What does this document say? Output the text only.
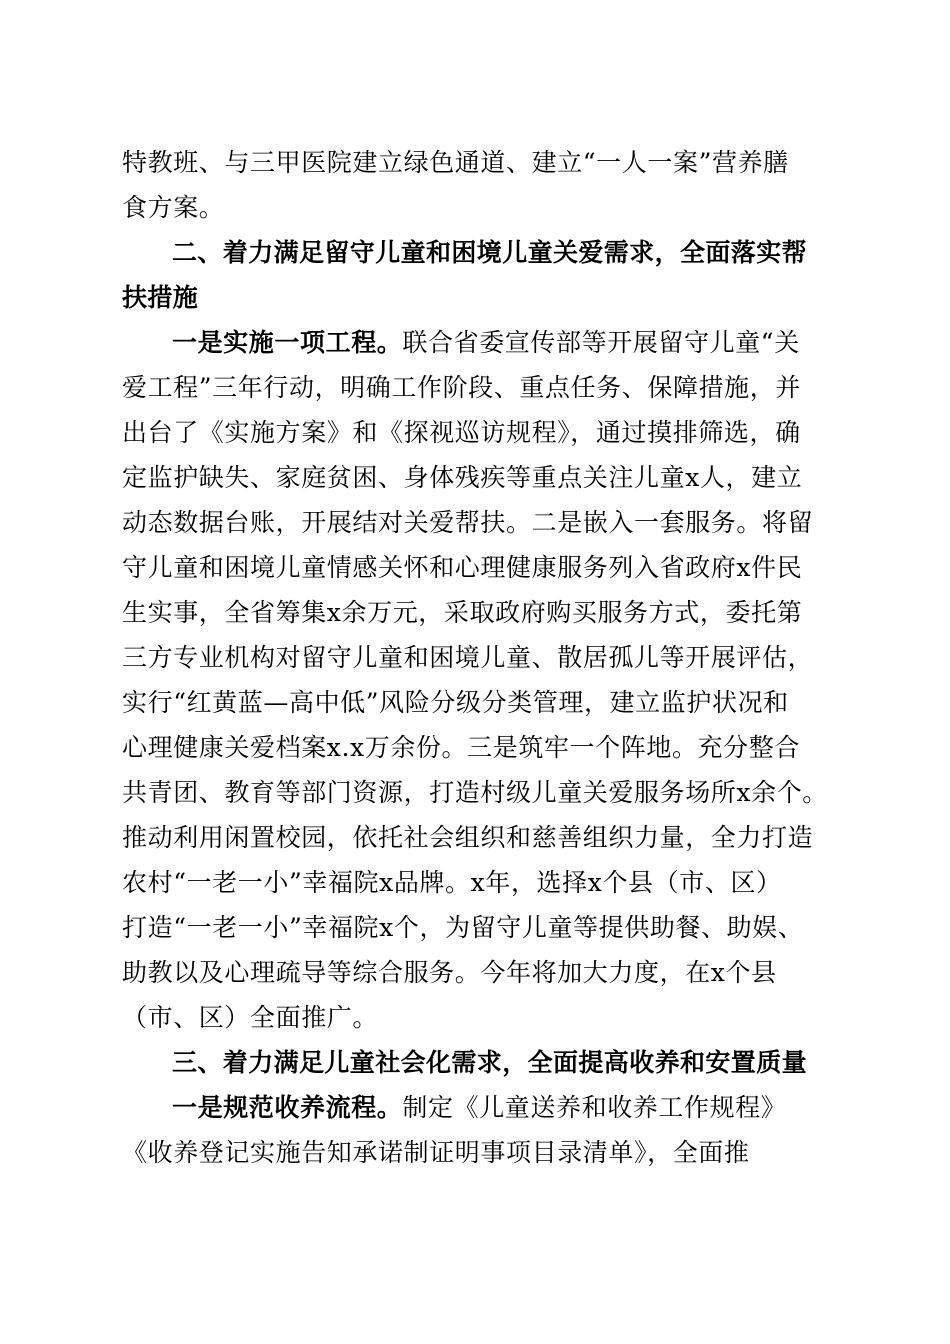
特教班、与三甲医院建立绿色通道、建立“一人一案”营养膳
食方案。
二、着力满足留守儿童和困境儿童关爱需求，全面落实帮
扶措施
一是实施一项工程。联合省委宣传部等开展留守儿童“关
爱工程”三年行动，明确工作阶段、重点任务、保障措施，并
出台了《实施方案》和《探视巡访规程》，通过摸排筛选，确
定监护缺失、家庭贫困、身体残疾等重点关注儿童x人，建立
动态数据台账，开展结对关爱帮扶。二是嵌入一套服务。将留
守儿童和困境儿童情感关怀和心理健康服务列入省政府x件民
生实事，全省筹集x余万元，采取政府购买服务方式，委托第
三方专业机构对留守儿童和困境儿童、散居孤儿等开展评估，
实行“红黄蓝—高中低”风险分级分类管理，建立监护状况和
心理健康关爱档案x.x万余份。三是筑牢一个阵地。充分整合
共青团、教育等部门资源，打造村级儿童关爱服务场所x余个。
推动利用闲置校园，依托社会组织和慈善组织力量，全力打造
农村“一老一小”幸福院x品牌。x年，选择x个县（市、区）
打造“一老一小”幸福院x个，为留守儿童等提供助餐、助娱、
助教以及心理疏导等综合服务。今年将加大力度，在x个县
（市、区）全面推广。
三、着力满足儿童社会化需求，全面提高收养和安置质量
一是规范收养流程。制定《儿童送养和收养工作规程》
《收养登记实施告知承诺制证明事项目录清单》，全面推
